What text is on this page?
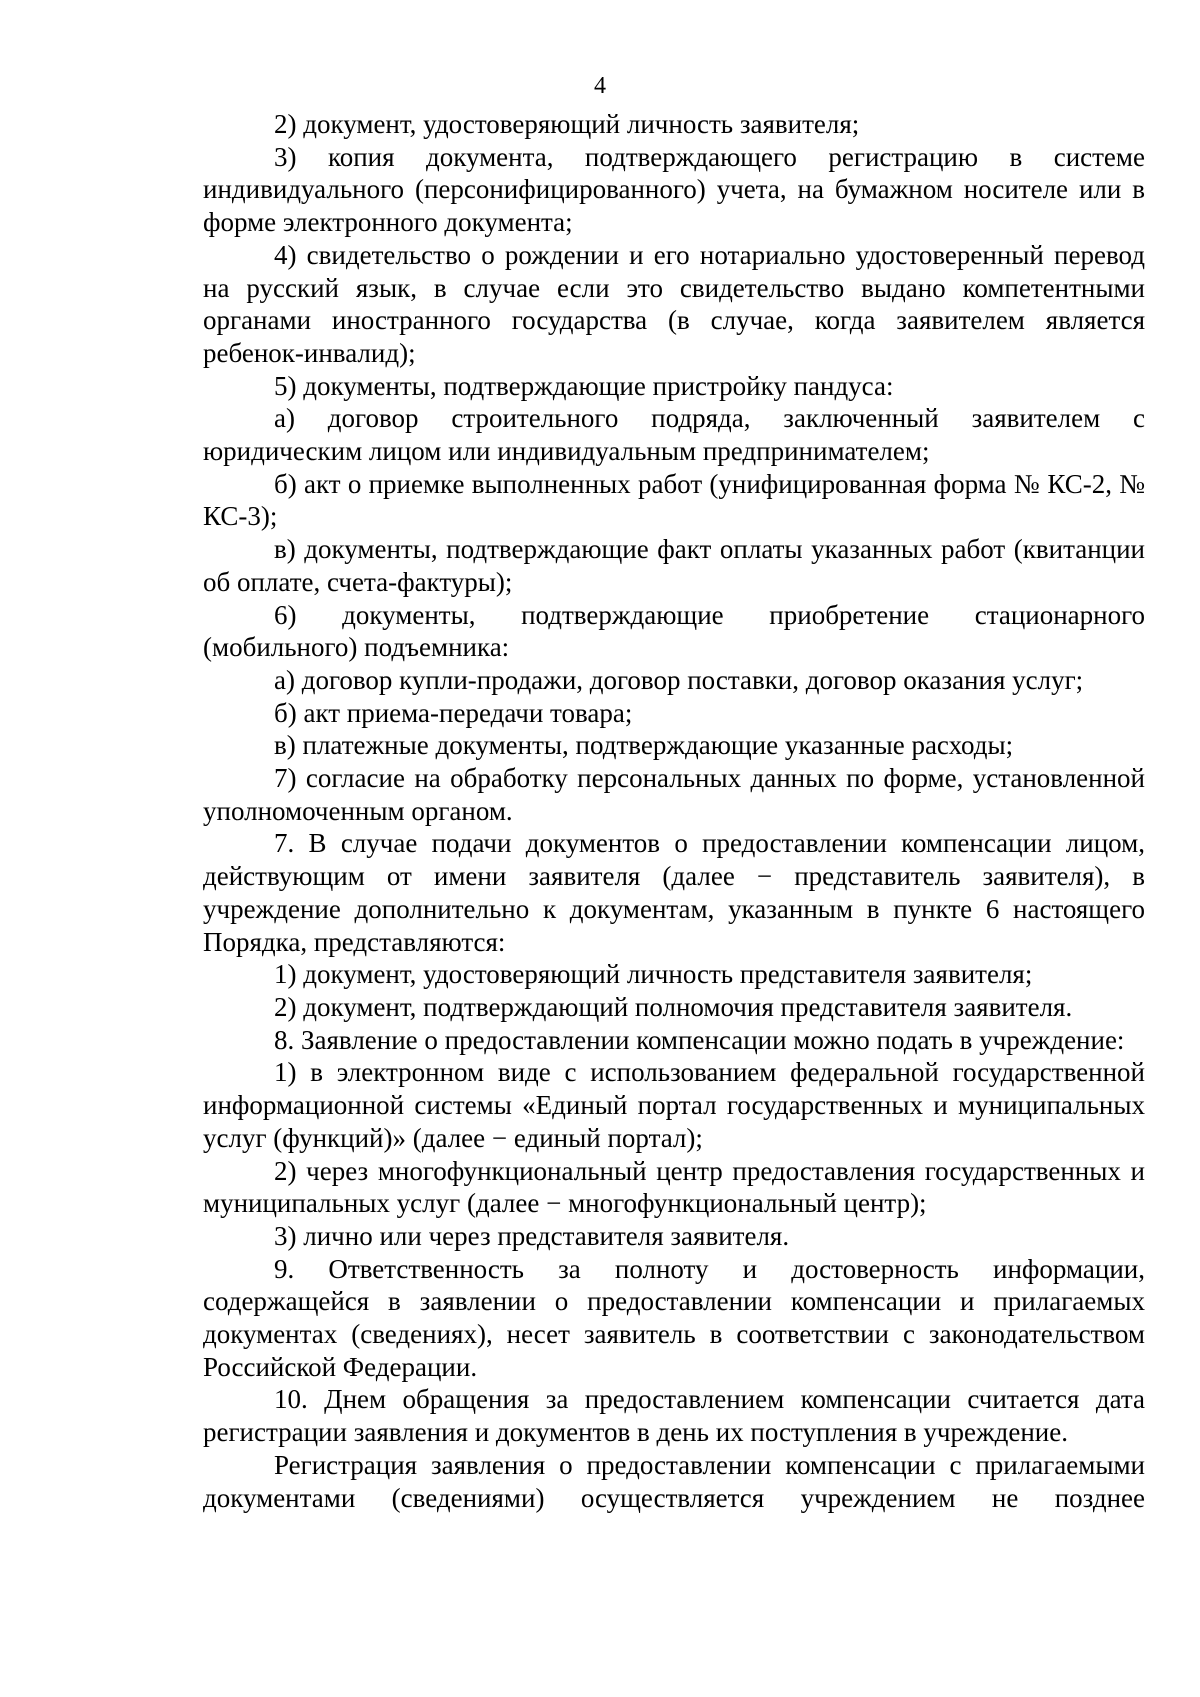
4

2) документ, удостоверяющий личность заявителя;

3) копия документа, подтверждающего регистрацию в системе индивидуального (персонифицированного) учета, на бумажном носителе или в форме электронного документа;

4) свидетельство о рождении и его нотариально удостоверенный перевод на русский язык, в случае если это свидетельство выдано компетентными органами иностранного государства (в случае, когда заявителем является ребенок-инвалид);

5) документы, подтверждающие пристройку пандуса:

а) договор строительного подряда, заключенный заявителем с юридическим лицом или индивидуальным предпринимателем;

б) акт о приемке выполненных работ (унифицированная форма № КС-2, № КС-3);

в) документы, подтверждающие факт оплаты указанных работ (квитанции об оплате, счета-фактуры);

6) документы, подтверждающие приобретение стационарного (мобильного) подъемника:

а) договор купли-продажи, договор поставки, договор оказания услуг;

б) акт приема-передачи товара;

в) платежные документы, подтверждающие указанные расходы;

7) согласие на обработку персональных данных по форме, установленной уполномоченным органом.

7. В случае подачи документов о предоставлении компенсации лицом, действующим от имени заявителя (далее − представитель заявителя), в учреждение дополнительно к документам, указанным в пункте 6 настоящего Порядка, представляются:

1) документ, удостоверяющий личность представителя заявителя;

2) документ, подтверждающий полномочия представителя заявителя.

8. Заявление о предоставлении компенсации можно подать в учреждение:

1) в электронном виде с использованием федеральной государственной информационной системы «Единый портал государственных и муниципальных услуг (функций)» (далее − единый портал);

2) через многофункциональный центр предоставления государственных и муниципальных услуг (далее − многофункциональный центр);

3) лично или через представителя заявителя.

9. Ответственность за полноту и достоверность информации, содержащейся в заявлении о предоставлении компенсации и прилагаемых документах (сведениях), несет заявитель в соответствии с законодательством Российской Федерации.

10. Днем обращения за предоставлением компенсации считается дата регистрации заявления и документов в день их поступления в учреждение.

Регистрация заявления о предоставлении компенсации с прилагаемыми документами (сведениями) осуществляется учреждением не позднее
